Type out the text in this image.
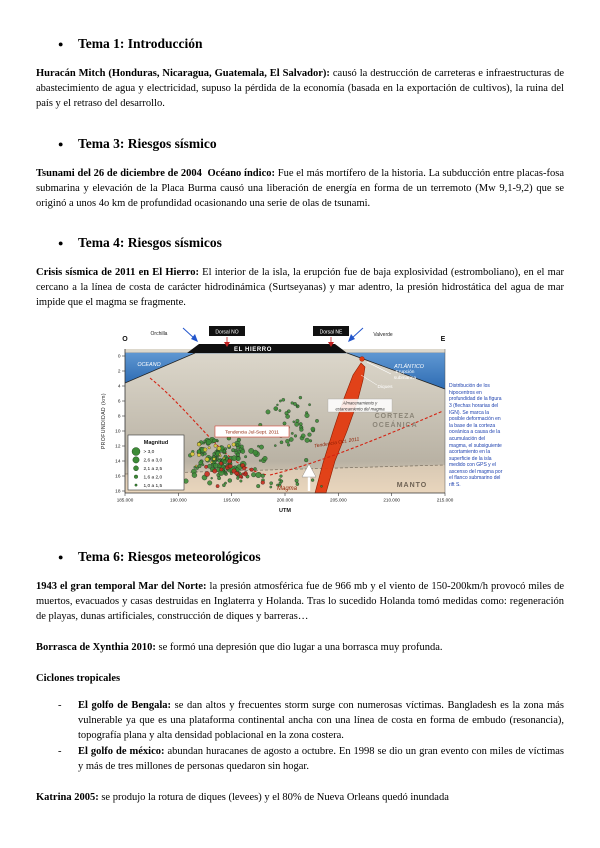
●	Tema 1: Introducción

Huracán Mitch (Honduras, Nicaragua, Guatemala, El Salvador): causó la destrucción de carreteras e infraestructuras de abastecimiento de agua y electricidad, supuso la pérdida de la economía (basada en la exportación de cultivos), la ruina del país y el retraso del desarrollo.

●	Tema 3: Riesgos sísmico

Tsunami del 26 de diciembre de 2004  Océano índico: Fue el más mortífero de la historia. La subducción entre placas-fosa submarina y elevación de la Placa Burma causó una liberación de energía en forma de un terremoto (Mw 9,1-9,2) que se originó a unos 4o km de profundidad ocasionando una serie de olas de tsunami.

●	Tema 4: Riesgos sísmicos

Crisis sísmica de 2011 en El Hierro: El interior de la isla, la erupción fue de baja explosividad (estromboliano), en el mar cercano a la línea de costa de carácter hidrodinámica (Surtseyanas) y mar adentro, la presión hidrostática del agua de mar impide que el magma se fragmente.

EL HIERRO
OCEANO	ATLÁNTICO
Erupción
submarina
Diques
CORTEZA
OCEÁNICA
MANTO
Almacenamiento y
estancamiento del magma
Tendencia Jul-Sept. 2011
Tendencia Oct. 2011
Magma
Magnitud
> 3,0
2,6 a 3,0
2,1 a 2,5
1,6 a 2,0
1,0 a 1,5
O	E
Orchilla	Dorsal NO	Dorsal NE	Valverde
0
2
4
6
8
10
12
14
16
18
185.000	190.000	195.000	200.000	205.000	210.000	215.000
PROFUNDIDAD (km)
UTM
Distribución de los hipocentros en profundidad de la figura 3 (flechas horarias del IGN). Se marca la posible deformación en la base de la corteza oceánica a causa de la acumulación del magma, el subsiguiente acortamiento en la superficie de la isla medido con GPS y el ascenso del magma por el flanco submarino del rift S.
●	Tema 6: Riesgos meteorológicos

1943 el gran temporal Mar del Norte: la presión atmosférica fue de 966 mb y el viento de 150-200km/h provocó miles de muertos, evacuados y casas destruidas en Inglaterra y Holanda. Tras lo sucedido Holanda tomó medidas como: regeneración de playas, dunas artificiales, construcción de diques y barreras…

Borrasca de Xynthia 2010: se formó una depresión que dio lugar a una borrasca muy profunda.

Ciclones tropicales

-	El golfo de Bengala: se dan altos y frecuentes storm surge con numerosas víctimas. Bangladesh es la zona más vulnerable ya que es una plataforma continental ancha con una línea de costa en forma de embudo (resonancia), topografía plana y alta densidad poblacional en la zona costera.
-	El golfo de méxico: abundan huracanes de agosto a octubre. En 1998 se dio un gran evento con miles de víctimas y más de tres millones de personas quedaron sin hogar.

Katrina 2005: se produjo la rotura de diques (levees) y el 80% de Nueva Orleans quedó inundada
